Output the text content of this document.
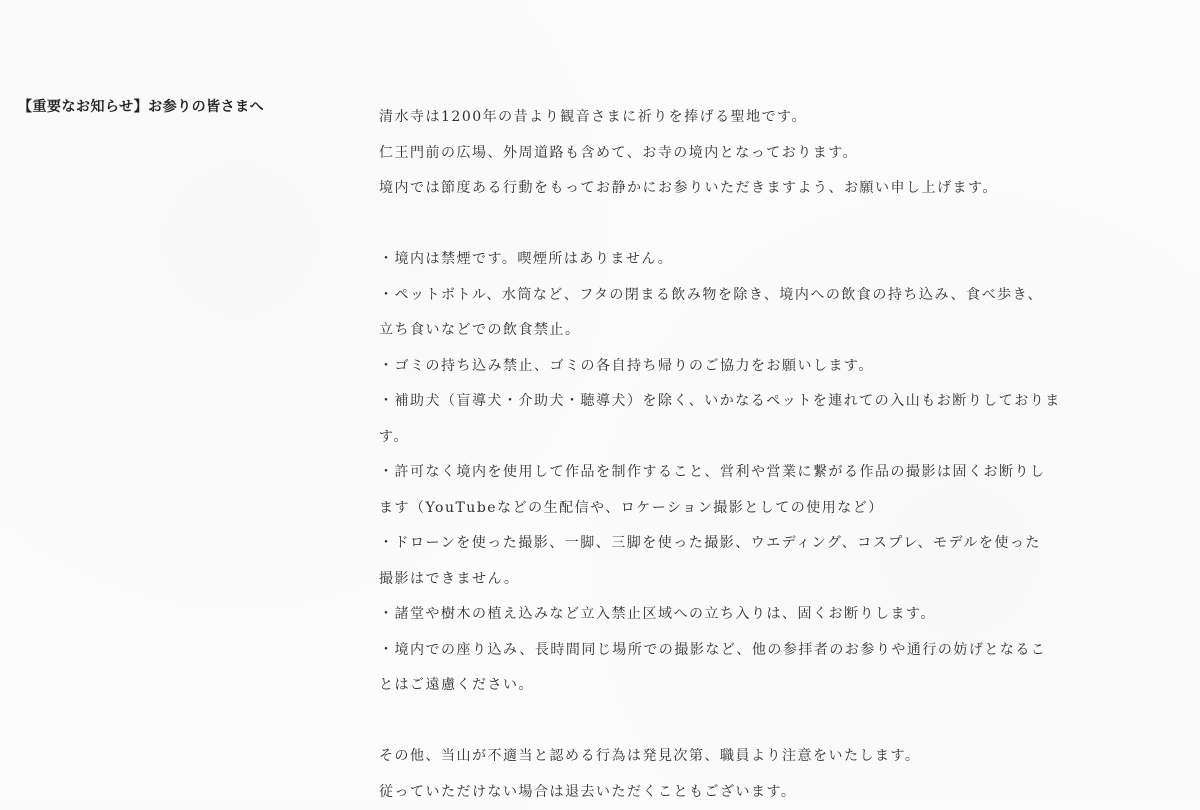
【重要なお知らせ】お参りの皆さまへ
清水寺は1200年の昔より観音さまに祈りを捧げる聖地です。
仁王門前の広場、外周道路も含めて、お寺の境内となっております。
境内では節度ある行動をもってお静かにお参りいただきますよう、お願い申し上げます。
・境内は禁煙です。喫煙所はありません。
・ペットボトル、水筒など、フタの閉まる飲み物を除き、境内への飲食の持ち込み、食べ歩き、
立ち食いなどでの飲食禁止。
・ゴミの持ち込み禁止、ゴミの各自持ち帰りのご協力をお願いします。
・補助犬（盲導犬・介助犬・聴導犬）を除く、いかなるペットを連れての入山もお断りしておりま
す。
・許可なく境内を使用して作品を制作すること、営利や営業に繋がる作品の撮影は固くお断りし
ます（YouTubeなどの生配信や、ロケーション撮影としての使用など）
・ドローンを使った撮影、一脚、三脚を使った撮影、ウエディング、コスプレ、モデルを使った
撮影はできません。
・諸堂や樹木の植え込みなど立入禁止区域への立ち入りは、固くお断りします。
・境内での座り込み、長時間同じ場所での撮影など、他の参拝者のお参りや通行の妨げとなるこ
とはご遠慮ください。
その他、当山が不適当と認める行為は発見次第、職員より注意をいたします。
従っていただけない場合は退去いただくこともございます。
